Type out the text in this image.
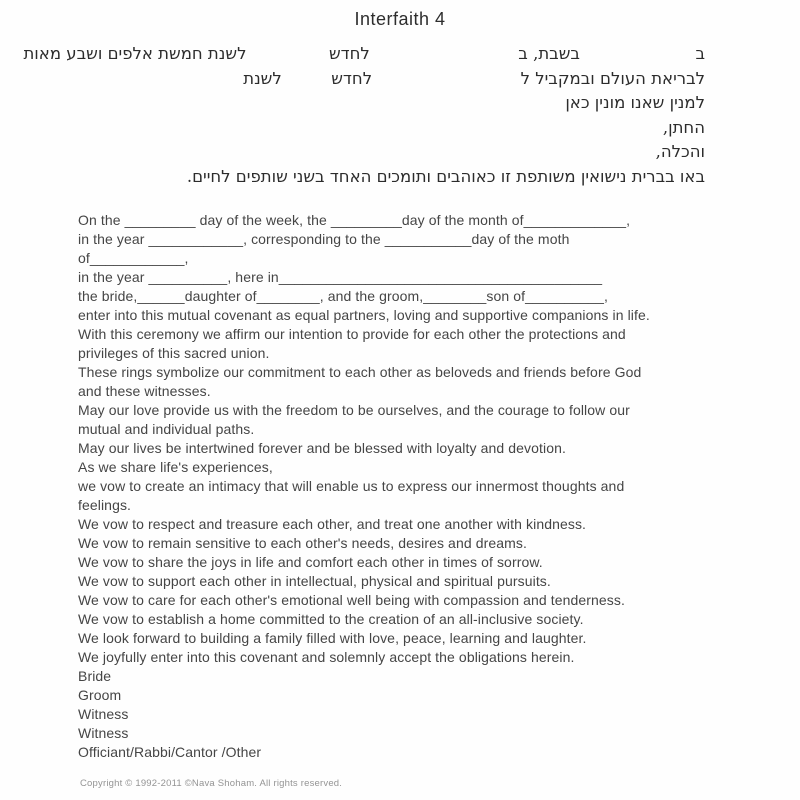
Interfaith 4
ב       בשבת, ב         לחדש     לשנת חמשת אלפים ושבע מאות
לבריאת העולם ובמקביל ל         לחדש   לשנת
למנין שאנו מונין כאן
החתן,
והכלה,
באו בברית נישואין משותפת זו כאוהבים ותומכים האחד בשני שותפים לחיים.
On the _________ day of the week, the _________day of the month of_____________,
in the year ____________, corresponding to the ___________day of the moth
of____________,
in the year __________, here in_________________________________________
the bride,______daughter of________, and the groom,________son of__________,
enter into this mutual covenant as equal partners, loving and supportive companions in life.
With this ceremony we affirm our intention to provide for each other the protections and
privileges of this sacred union.
These rings symbolize our commitment to each other as beloveds and friends before God
and these witnesses.
May our love provide us with the freedom to be ourselves, and the courage to follow our
mutual and individual paths.
May our lives be intertwined forever and be blessed with loyalty and devotion.
As we share life's experiences,
we vow to create an intimacy that will enable us to express our innermost thoughts and
feelings.
We vow to respect and treasure each other, and treat one another with kindness.
We vow to remain sensitive to each other's needs, desires and dreams.
We vow to share the joys in life and comfort each other in times of sorrow.
We vow to support each other in intellectual, physical and spiritual pursuits.
We vow to care for each other's emotional well being with compassion and tenderness.
We vow to establish a home committed to the creation of an all-inclusive society.
We look forward to building a family filled with love, peace, learning and laughter.
We joyfully enter into this covenant and solemnly accept the obligations herein.
Bride
Groom
Witness
Witness
Officiant/Rabbi/Cantor /Other
Copyright © 1992-2011 ©Nava Shoham. All rights reserved.
